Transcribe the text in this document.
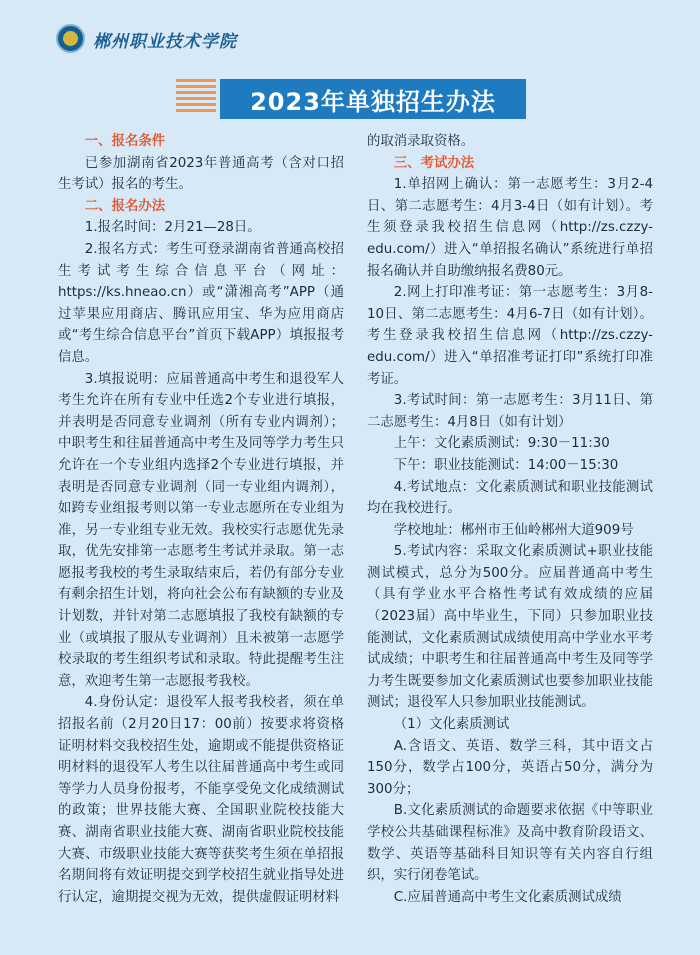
郴州职业技术学院
2023年单独招生办法

一、报名条件

已参加湖南省2023年普通高考（含对口招生考试）报名的考生。

二、报名办法

1.报名时间：2月21—28日。

2.报名方式：考生可登录湖南省普通高校招生考试考生综合信息平台（网址：https://ks.hneao.cn）或“潇湘高考”APP（通过苹果应用商店、腾讯应用宝、华为应用商店或“考生综合信息平台”首页下载APP）填报报考信息。

3.填报说明：应届普通高中考生和退役军人考生允许在所有专业中任选2个专业进行填报，并表明是否同意专业调剂（所有专业内调剂）；中职考生和往届普通高中考生及同等学力考生只允许在一个专业组内选择2个专业进行填报，并表明是否同意专业调剂（同一专业组内调剂），如跨专业组报考则以第一专业志愿所在专业组为准，另一专业组专业无效。我校实行志愿优先录取，优先安排第一志愿考生考试并录取。第一志愿报考我校的考生录取结束后，若仍有部分专业有剩余招生计划，将向社会公布有缺额的专业及计划数，并针对第二志愿填报了我校有缺额的专业（或填报了服从专业调剂）且未被第一志愿学校录取的考生组织考试和录取。特此提醒考生注意，欢迎考生第一志愿报考我校。

4.身份认定：退役军人报考我校者，须在单招报名前（2月20日17：00前）按要求将资格证明材料交我校招生处，逾期或不能提供资格证明材料的退役军人考生以往届普通高中考生或同等学力人员身份报考，不能享受免文化成绩测试的政策；世界技能大赛、全国职业院校技能大赛、湖南省职业技能大赛、湖南省职业院校技能大赛、市级职业技能大赛等获奖考生须在单招报名期间将有效证明提交到学校招生就业指导处进行认定，逾期提交视为无效，提供虚假证明材料

的取消录取资格。

三、考试办法

1.单招网上确认：第一志愿考生：3月2-4日、第二志愿考生：4月3-4日（如有计划）。考生须登录我校招生信息网（http://zs.czzy-edu.com/）进入“单招报名确认”系统进行单招报名确认并自助缴纳报名费80元。

2.网上打印准考证：第一志愿考生：3月8-10日、第二志愿考生：4月6-7日（如有计划）。考生登录我校招生信息网（http://zs.czzy-edu.com/）进入“单招准考证打印”系统打印准考证。

3.考试时间：第一志愿考生：3月11日、第二志愿考生：4月8日（如有计划）

上午：文化素质测试：9:30－11:30

下午：职业技能测试：14:00－15:30

4.考试地点：文化素质测试和职业技能测试均在我校进行。

学校地址：郴州市王仙岭郴州大道909号

5.考试内容：采取文化素质测试+职业技能测试模式，总分为500分。应届普通高中考生（具有学业水平合格性考试有效成绩的应届（2023届）高中毕业生，下同）只参加职业技能测试，文化素质测试成绩使用高中学业水平考试成绩；中职考生和往届普通高中考生及同等学力考生既要参加文化素质测试也要参加职业技能测试；退役军人只参加职业技能测试。

（1）文化素质测试

A.含语文、英语、数学三科，其中语文占150分，数学占100分，英语占50分，满分为300分；

B.文化素质测试的命题要求依据《中等职业学校公共基础课程标准》及高中教育阶段语文、数学、英语等基础科目知识等有关内容自行组织，实行闭卷笔试。

C.应届普通高中考生文化素质测试成绩
